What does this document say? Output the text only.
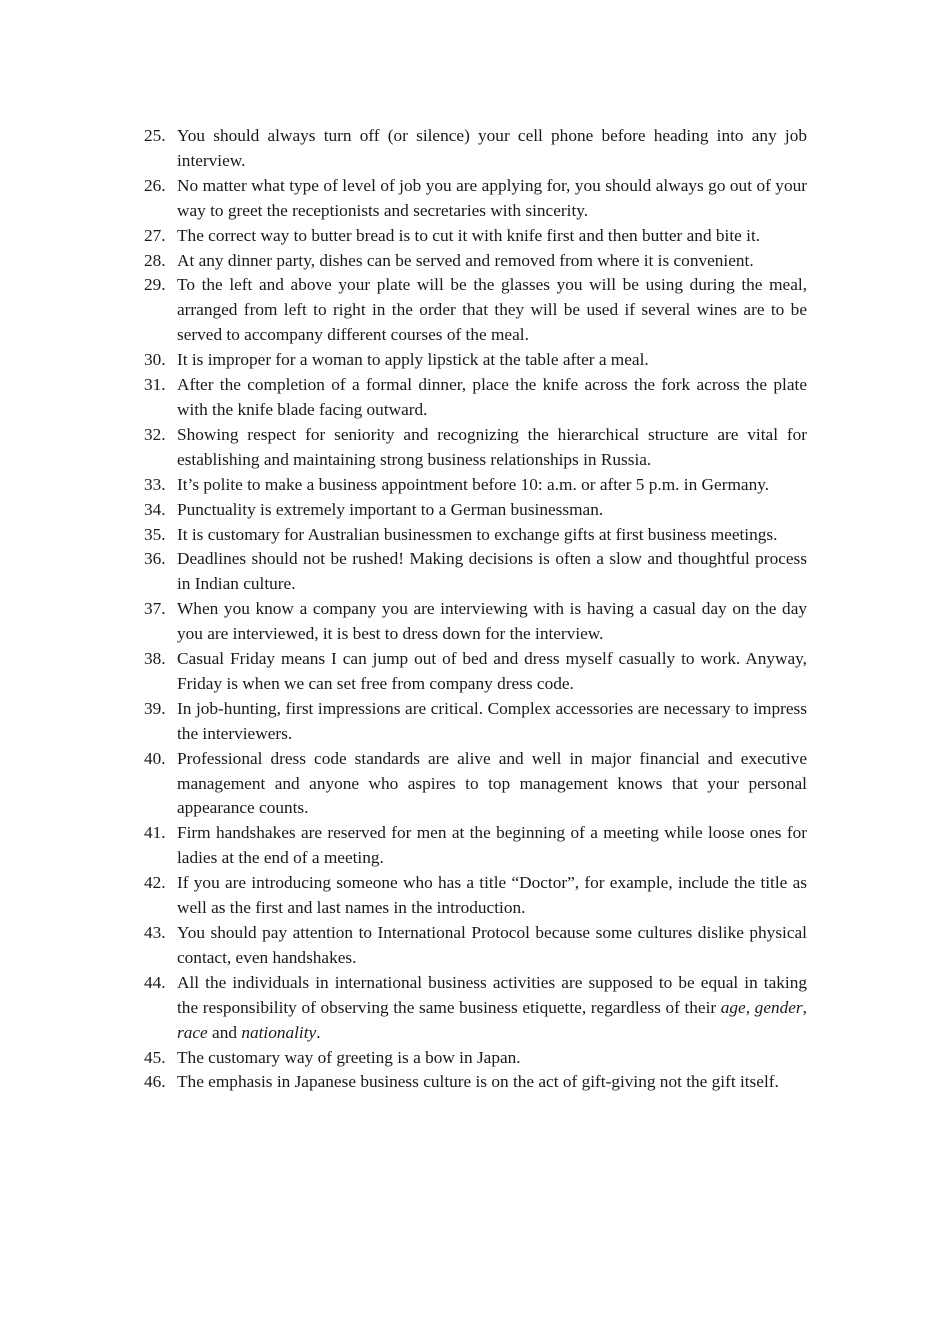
25. You should always turn off (or silence) your cell phone before heading into any job interview.
26. No matter what type of level of job you are applying for, you should always go out of your way to greet the receptionists and secretaries with sincerity.
27. The correct way to butter bread is to cut it with knife first and then butter and bite it.
28. At any dinner party, dishes can be served and removed from where it is convenient.
29. To the left and above your plate will be the glasses you will be using during the meal, arranged from left to right in the order that they will be used if several wines are to be served to accompany different courses of the meal.
30. It is improper for a woman to apply lipstick at the table after a meal.
31. After the completion of a formal dinner, place the knife across the fork across the plate with the knife blade facing outward.
32. Showing respect for seniority and recognizing the hierarchical structure are vital for establishing and maintaining strong business relationships in Russia.
33. It’s polite to make a business appointment before 10: a.m. or after 5 p.m. in Germany.
34. Punctuality is extremely important to a German businessman.
35. It is customary for Australian businessmen to exchange gifts at first business meetings.
36. Deadlines should not be rushed! Making decisions is often a slow and thoughtful process in Indian culture.
37. When you know a company you are interviewing with is having a casual day on the day you are interviewed, it is best to dress down for the interview.
38. Casual Friday means I can jump out of bed and dress myself casually to work. Anyway, Friday is when we can set free from company dress code.
39. In job-hunting, first impressions are critical. Complex accessories are necessary to impress the interviewers.
40. Professional dress code standards are alive and well in major financial and executive management and anyone who aspires to top management knows that your personal appearance counts.
41. Firm handshakes are reserved for men at the beginning of a meeting while loose ones for ladies at the end of a meeting.
42. If you are introducing someone who has a title “Doctor”, for example, include the title as well as the first and last names in the introduction.
43. You should pay attention to International Protocol because some cultures dislike physical contact, even handshakes.
44. All the individuals in international business activities are supposed to be equal in taking the responsibility of observing the same business etiquette, regardless of their age, gender, race and nationality.
45. The customary way of greeting is a bow in Japan.
46. The emphasis in Japanese business culture is on the act of gift-giving not the gift itself.
